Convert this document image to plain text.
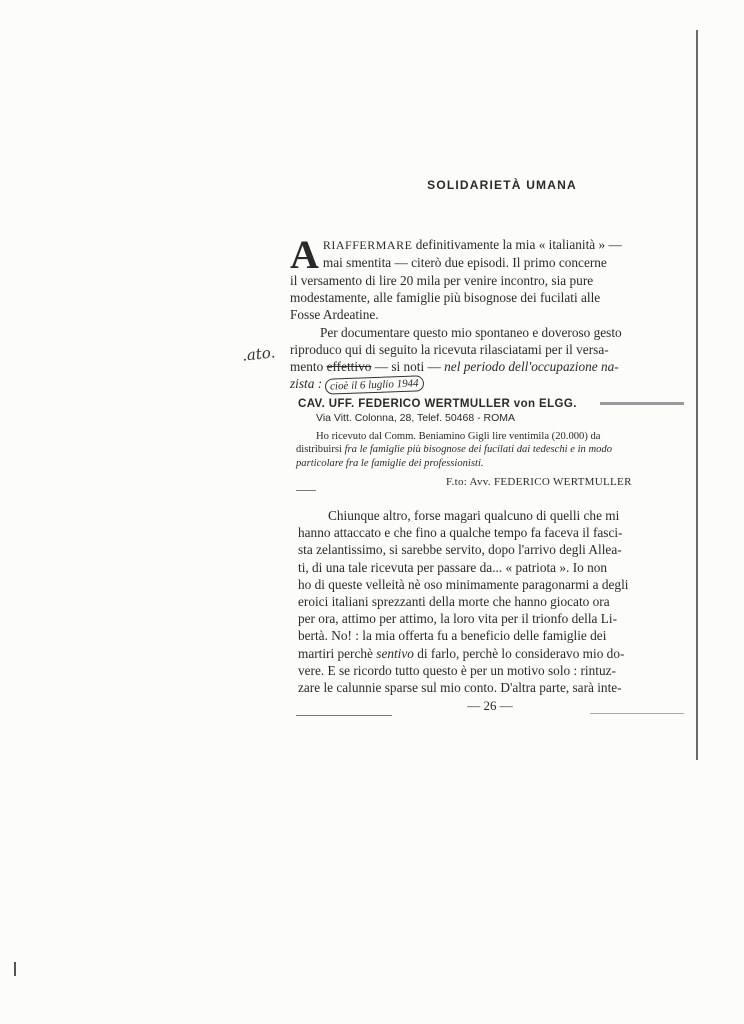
SOLIDARIETÀ UMANA
A RIAFFERMARE definitivamente la mia « italianità » —
mai smentita — citerò due episodi. Il primo concerne
il versamento di lire 20 mila per venire incontro, sia pure
modestamente, alle famiglie più bisognose dei fucilati alle
Fosse Ardeatine.
Per documentare questo mio spontaneo e doveroso gesto
riproduco qui di seguito la ricevuta rilasciatami per il versa-
mento effettivo — si noti — nel periodo dell'occupazione na-
zista : cioè il 6 luglio 1944
.ato.
CAV. UFF. FEDERICO WERTMULLER von ELGG.
Via Vitt. Colonna, 28, Telef. 50468 - ROMA
Ho ricevuto dal Comm. Beniamino Gigli lire ventimila (20.000) da
distribuirsi fra le famiglie più bisognose dei fucilati dai tedeschi e in modo
particolare fra le famiglie dei professionisti.
F.to: Avv. FEDERICO WERTMULLER
Chiunque altro, forse magari qualcuno di quelli che mi
hanno attaccato e che fino a qualche tempo fa faceva il fasci-
sta zelantissimo, si sarebbe servito, dopo l'arrivo degli Allea-
ti, di una tale ricevuta per passare da... « patriota ». Io non
ho di queste velleità nè oso minimamente paragonarmi a degli
eroici italiani sprezzanti della morte che hanno giocato ora
per ora, attimo per attimo, la loro vita per il trionfo della Li-
bertà. No! : la mia offerta fu a beneficio delle famiglie dei
martiri perchè sentivo di farlo, perchè lo consideravo mio do-
vere. E se ricordo tutto questo è per un motivo solo : rintuz-
zare le calunnie sparse sul mio conto. D'altra parte, sarà inte-
— 26 —
